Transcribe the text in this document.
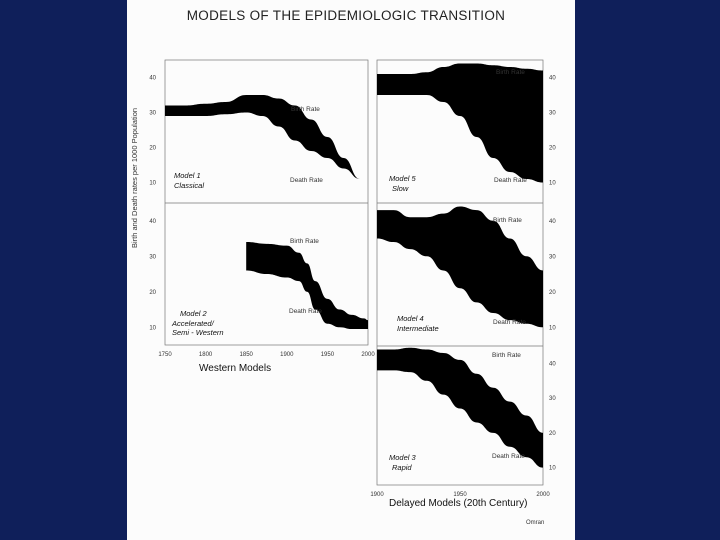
MODELS OF THE EPIDEMIOLOGIC TRANSITION
Birth and Death rates per 1000 Population
Western Models
Delayed Models (20th Century)
Omran
40
30
20
10
Birth Rate
Death Rate
Model 1
Classical
40
30
20
10
1750	1800	1850	1900	1950	2000
Birth Rate
Death Rate
Model 2
Accelerated/
Semi - Western
40
30
20
10
Birth Rate
Death Rate
Model 5
Slow
40
30
20
10
Birth Rate
Death Rate
Model 4
Intermediate
40
30
20
10
1900	1950	2000
Birth Rate
Death Rate
Model 3
Rapid
